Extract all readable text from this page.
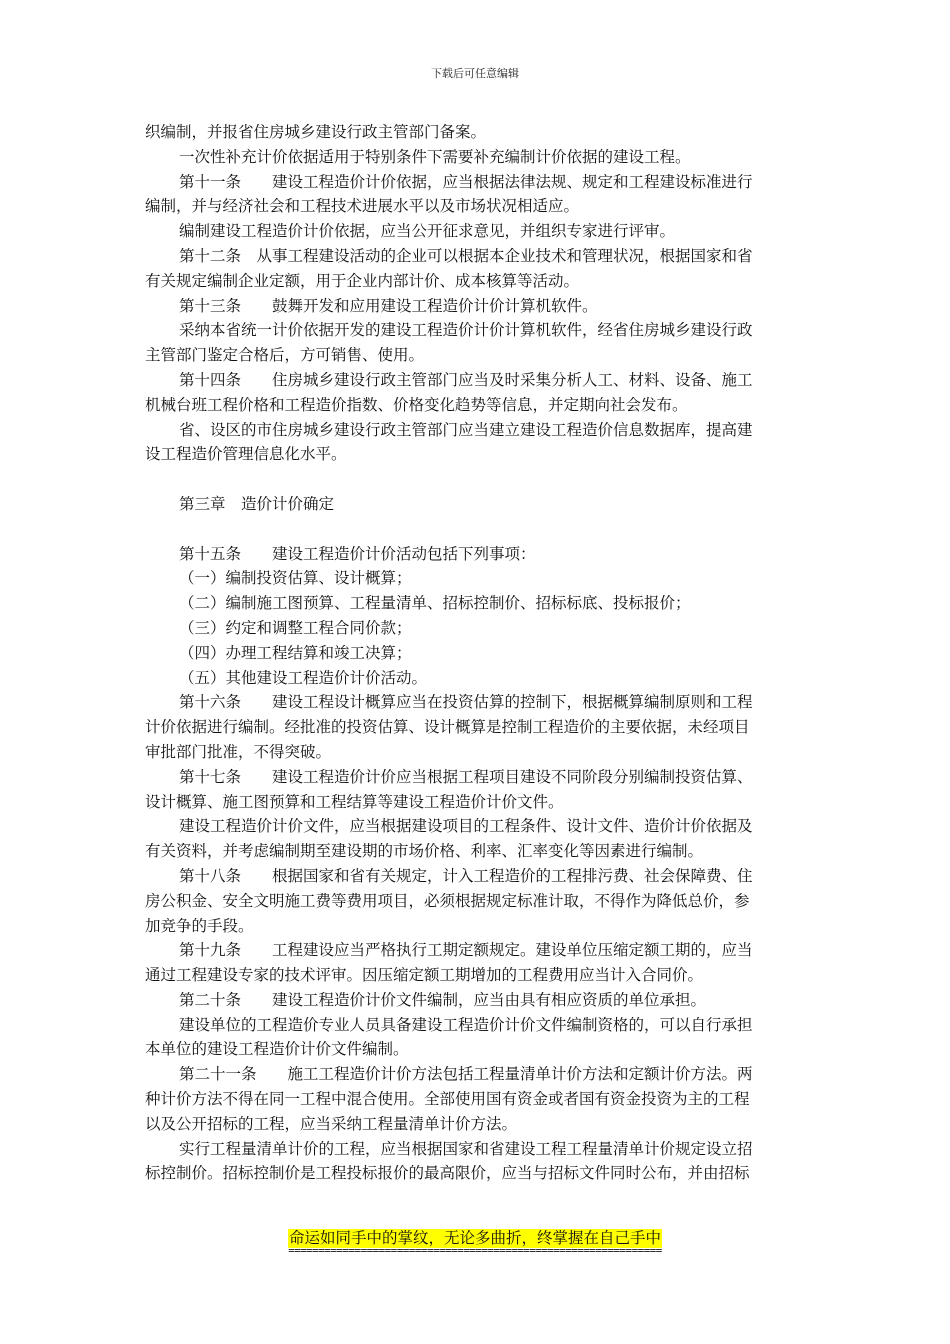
下载后可任意编辑
织编制，并报省住房城乡建设行政主管部门备案。
一次性补充计价依据适用于特别条件下需要补充编制计价依据的建设工程。
第十一条　　建设工程造价计价依据，应当根据法律法规、规定和工程建设标准进行
编制，并与经济社会和工程技术进展水平以及市场状况相适应。
编制建设工程造价计价依据，应当公开征求意见，并组织专家进行评审。
第十二条　从事工程建设活动的企业可以根据本企业技术和管理状况，根据国家和省
有关规定编制企业定额，用于企业内部计价、成本核算等活动。
第十三条　　鼓舞开发和应用建设工程造价计价计算机软件。
采纳本省统一计价依据开发的建设工程造价计价计算机软件，经省住房城乡建设行政
主管部门鉴定合格后，方可销售、使用。
第十四条　　住房城乡建设行政主管部门应当及时采集分析人工、材料、设备、施工
机械台班工程价格和工程造价指数、价格变化趋势等信息，并定期向社会发布。
省、设区的市住房城乡建设行政主管部门应当建立建设工程造价信息数据库，提高建
设工程造价管理信息化水平。
第三章　造价计价确定
第十五条　　建设工程造价计价活动包括下列事项：
（一）编制投资估算、设计概算；
（二）编制施工图预算、工程量清单、招标控制价、招标标底、投标报价；
（三）约定和调整工程合同价款；
（四）办理工程结算和竣工决算；
（五）其他建设工程造价计价活动。
第十六条　　建设工程设计概算应当在投资估算的控制下，根据概算编制原则和工程
计价依据进行编制。经批准的投资估算、设计概算是控制工程造价的主要依据，未经项目
审批部门批准，不得突破。
第十七条　　建设工程造价计价应当根据工程项目建设不同阶段分别编制投资估算、
设计概算、施工图预算和工程结算等建设工程造价计价文件。
建设工程造价计价文件，应当根据建设项目的工程条件、设计文件、造价计价依据及
有关资料，并考虑编制期至建设期的市场价格、利率、汇率变化等因素进行编制。
第十八条　　根据国家和省有关规定，计入工程造价的工程排污费、社会保障费、住
房公积金、安全文明施工费等费用项目，必须根据规定标准计取，不得作为降低总价，参
加竞争的手段。
第十九条　　工程建设应当严格执行工期定额规定。建设单位压缩定额工期的，应当
通过工程建设专家的技术评审。因压缩定额工期增加的工程费用应当计入合同价。
第二十条　　建设工程造价计价文件编制，应当由具有相应资质的单位承担。
建设单位的工程造价专业人员具备建设工程造价计价文件编制资格的，可以自行承担
本单位的建设工程造价计价文件编制。
第二十一条　　施工工程造价计价方法包括工程量清单计价方法和定额计价方法。两
种计价方法不得在同一工程中混合使用。全部使用国有资金或者国有资金投资为主的工程
以及公开招标的工程，应当采纳工程量清单计价方法。
实行工程量清单计价的工程，应当根据国家和省建设工程工程量清单计价规定设立招
标控制价。招标控制价是工程投标报价的最高限价，应当与招标文件同时公布，并由招标
命运如同手中的掌纹，无论多曲折，终掌握在自己手中
==============================================================
